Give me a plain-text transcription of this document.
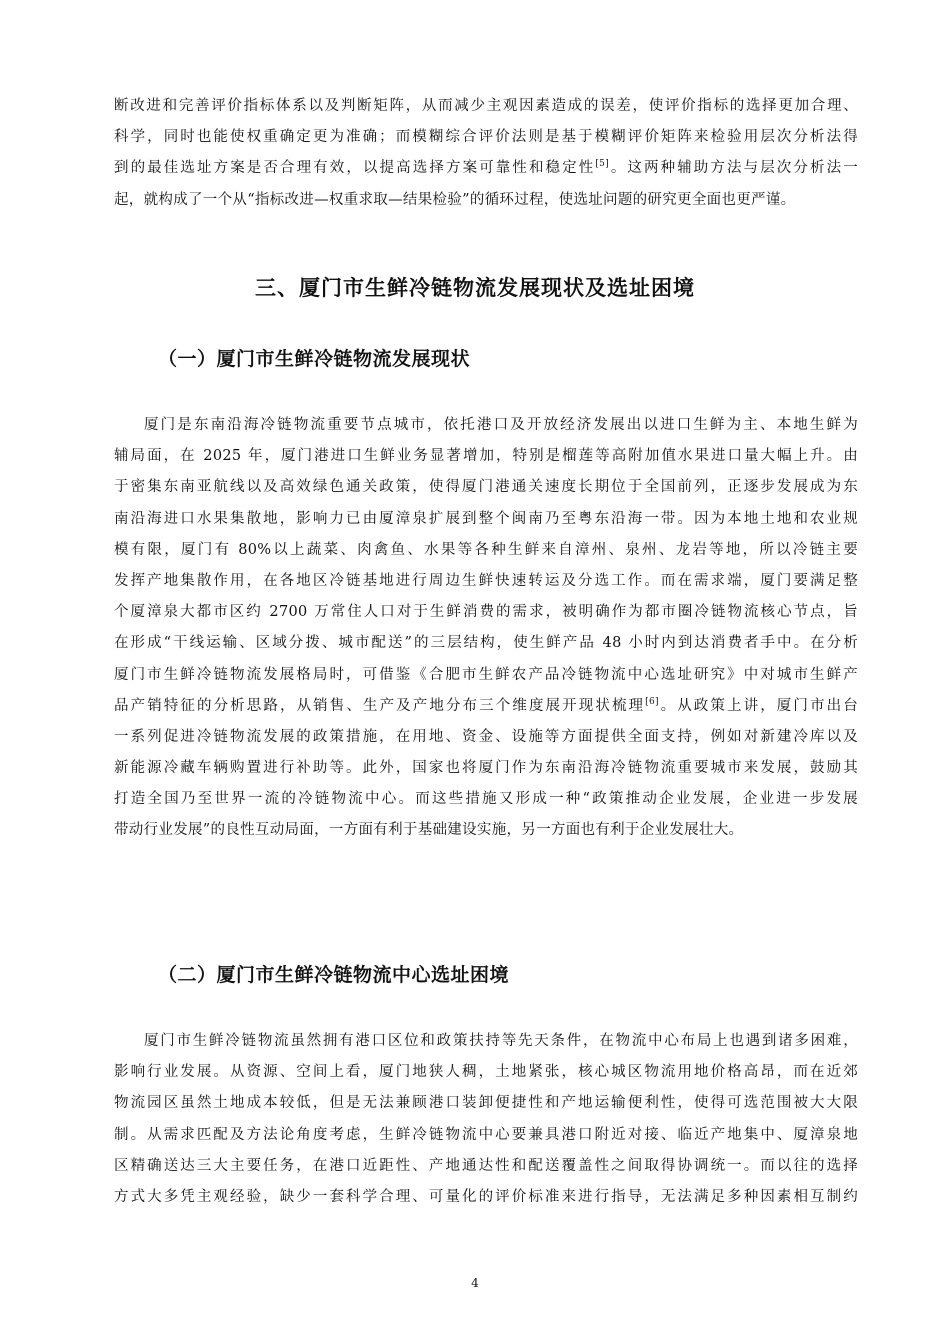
断改进和完善评价指标体系以及判断矩阵，从而减少主观因素造成的误差，使评价指标的选择更加合理、
科学，同时也能使权重确定更为准确；而模糊综合评价法则是基于模糊评价矩阵来检验用层次分析法得
到的最佳选址方案是否合理有效，以提高选择方案可靠性和稳定性[5]。这两种辅助方法与层次分析法一
起，就构成了一个从“指标改进—权重求取—结果检验”的循环过程，使选址问题的研究更全面也更严谨。
三、厦门市生鲜冷链物流发展现状及选址困境
（一）厦门市生鲜冷链物流发展现状
厦门是东南沿海冷链物流重要节点城市，依托港口及开放经济发展出以进口生鲜为主、本地生鲜为
辅局面，在 2025 年，厦门港进口生鲜业务显著增加，特别是榴莲等高附加值水果进口量大幅上升。由
于密集东南亚航线以及高效绿色通关政策，使得厦门港通关速度长期位于全国前列，正逐步发展成为东
南沿海进口水果集散地，影响力已由厦漳泉扩展到整个闽南乃至粤东沿海一带。因为本地土地和农业规
模有限，厦门有 80%以上蔬菜、肉禽鱼、水果等各种生鲜来自漳州、泉州、龙岩等地，所以冷链主要
发挥产地集散作用，在各地区冷链基地进行周边生鲜快速转运及分选工作。而在需求端，厦门要满足整
个厦漳泉大都市区约 2700 万常住人口对于生鲜消费的需求，被明确作为都市圈冷链物流核心节点，旨
在形成“干线运输、区域分拨、城市配送”的三层结构，使生鲜产品 48 小时内到达消费者手中。在分析
厦门市生鲜冷链物流发展格局时，可借鉴《合肥市生鲜农产品冷链物流中心选址研究》中对城市生鲜产
品产销特征的分析思路，从销售、生产及产地分布三个维度展开现状梳理[6]。从政策上讲，厦门市出台
一系列促进冷链物流发展的政策措施，在用地、资金、设施等方面提供全面支持，例如对新建冷库以及
新能源冷藏车辆购置进行补助等。此外，国家也将厦门作为东南沿海冷链物流重要城市来发展，鼓励其
打造全国乃至世界一流的冷链物流中心。而这些措施又形成一种“政策推动企业发展，企业进一步发展
带动行业发展”的良性互动局面，一方面有利于基础建设实施，另一方面也有利于企业发展壮大。
（二）厦门市生鲜冷链物流中心选址困境
厦门市生鲜冷链物流虽然拥有港口区位和政策扶持等先天条件，在物流中心布局上也遇到诸多困难，
影响行业发展。从资源、空间上看，厦门地狭人稠，土地紧张，核心城区物流用地价格高昂，而在近郊
物流园区虽然土地成本较低，但是无法兼顾港口装卸便捷性和产地运输便利性，使得可选范围被大大限
制。从需求匹配及方法论角度考虑，生鲜冷链物流中心要兼具港口附近对接、临近产地集中、厦漳泉地
区精确送达三大主要任务，在港口近距性、产地通达性和配送覆盖性之间取得协调统一。而以往的选择
方式大多凭主观经验，缺少一套科学合理、可量化的评价标准来进行指导，无法满足多种因素相互制约
4
